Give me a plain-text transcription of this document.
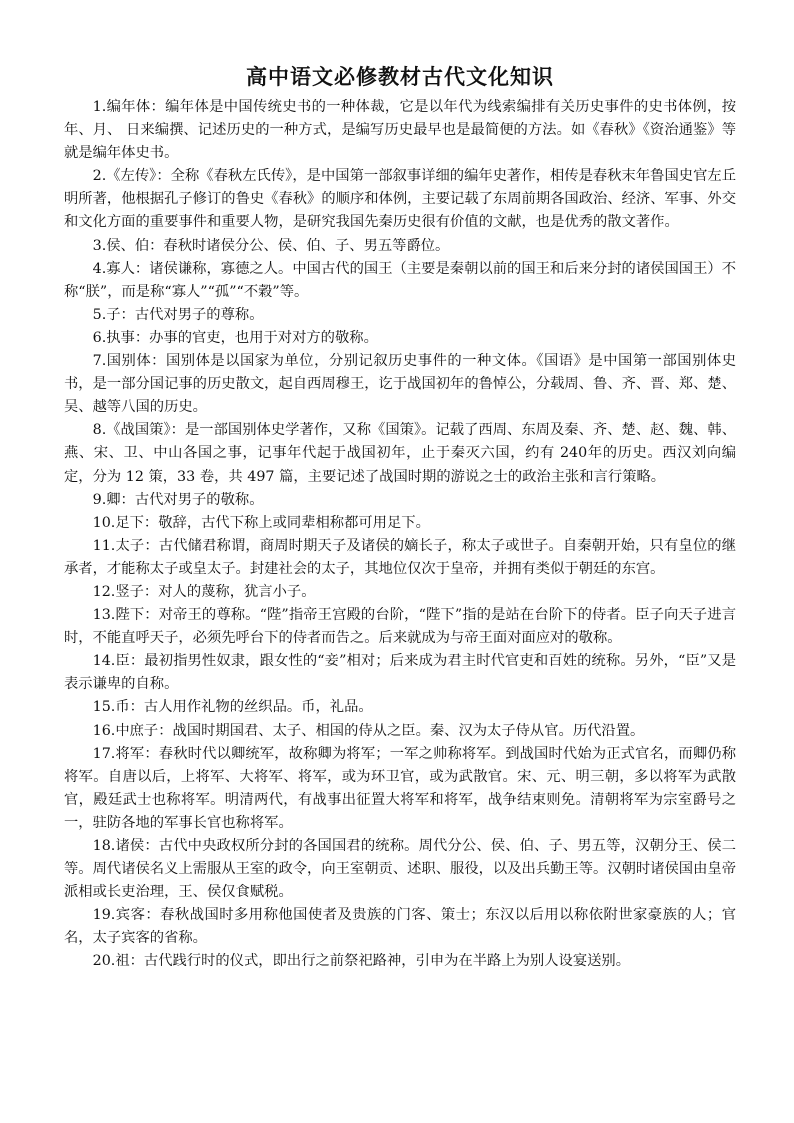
高中语文必修教材古代文化知识

1.编年体：编年体是中国传统史书的一种体裁，它是以年代为线索编排有关历史事件的史书体例，按年、月、 日来编撰、记述历史的一种方式，是编写历史最早也是最简便的方法。如《春秋》《资治通鉴》等就是编年体史书。

2.《左传》：全称《春秋左氏传》，是中国第一部叙事详细的编年史著作，相传是春秋末年鲁国史官左丘明所著，他根据孔子修订的鲁史《春秋》的顺序和体例，主要记载了东周前期各国政治、经济、军事、外交和文化方面的重要事件和重要人物，是研究我国先秦历史很有价值的文献，也是优秀的散文著作。

3.侯、伯：春秋时诸侯分公、侯、伯、子、男五等爵位。

4.寡人：诸侯谦称，寡德之人。中国古代的国王（主要是秦朝以前的国王和后来分封的诸侯国国王）不称“朕”，而是称“寡人”“孤”“不穀”等。

5.子：古代对男子的尊称。

6.执事：办事的官吏，也用于对对方的敬称。

7.国别体：国别体是以国家为单位，分别记叙历史事件的一种文体。《国语》是中国第一部国别体史书，是一部分国记事的历史散文，起自西周穆王，讫于战国初年的鲁悼公，分载周、鲁、齐、晋、郑、楚、吴、越等八国的历史。

8.《战国策》：是一部国别体史学著作，又称《国策》。记载了西周、东周及秦、齐、楚、赵、魏、韩、燕、宋、卫、中山各国之事，记事年代起于战国初年，止于秦灭六国，约有 240年的历史。西汉刘向编定，分为 12 策，33 卷，共 497 篇，主要记述了战国时期的游说之士的政治主张和言行策略。

9.卿：古代对男子的敬称。

10.足下：敬辞，古代下称上或同辈相称都可用足下。

11.太子：古代储君称谓，商周时期天子及诸侯的嫡长子，称太子或世子。自秦朝开始，只有皇位的继承者，才能称太子或皇太子。封建社会的太子，其地位仅次于皇帝，并拥有类似于朝廷的东宫。

12.竖子：对人的蔑称，犹言小子。

13.陛下：对帝王的尊称。“陛”指帝王宫殿的台阶，“陛下”指的是站在台阶下的侍者。臣子向天子进言时，不能直呼天子，必须先呼台下的侍者而告之。后来就成为与帝王面对面应对的敬称。

14.臣：最初指男性奴隶，跟女性的“妾”相对；后来成为君主时代官吏和百姓的统称。另外，“臣”又是表示谦卑的自称。

15.币：古人用作礼物的丝织品。币，礼品。

16.中庶子：战国时期国君、太子、相国的侍从之臣。秦、汉为太子侍从官。历代沿置。

17.将军：春秋时代以卿统军，故称卿为将军；一军之帅称将军。到战国时代始为正式官名，而卿仍称将军。自唐以后，上将军、大将军、将军，或为环卫官，或为武散官。宋、元、明三朝，多以将军为武散官，殿廷武士也称将军。明清两代，有战事出征置大将军和将军，战争结束则免。清朝将军为宗室爵号之一，驻防各地的军事长官也称将军。

18.诸侯：古代中央政权所分封的各国国君的统称。周代分公、侯、伯、子、男五等，汉朝分王、侯二等。周代诸侯名义上需服从王室的政令，向王室朝贡、述职、服役，以及出兵勤王等。汉朝时诸侯国由皇帝派相或长吏治理，王、侯仅食赋税。

19.宾客：春秋战国时多用称他国使者及贵族的门客、策士；东汉以后用以称依附世家豪族的人；官名，太子宾客的省称。

20.祖：古代践行时的仪式，即出行之前祭祀路神，引申为在半路上为别人设宴送别。
